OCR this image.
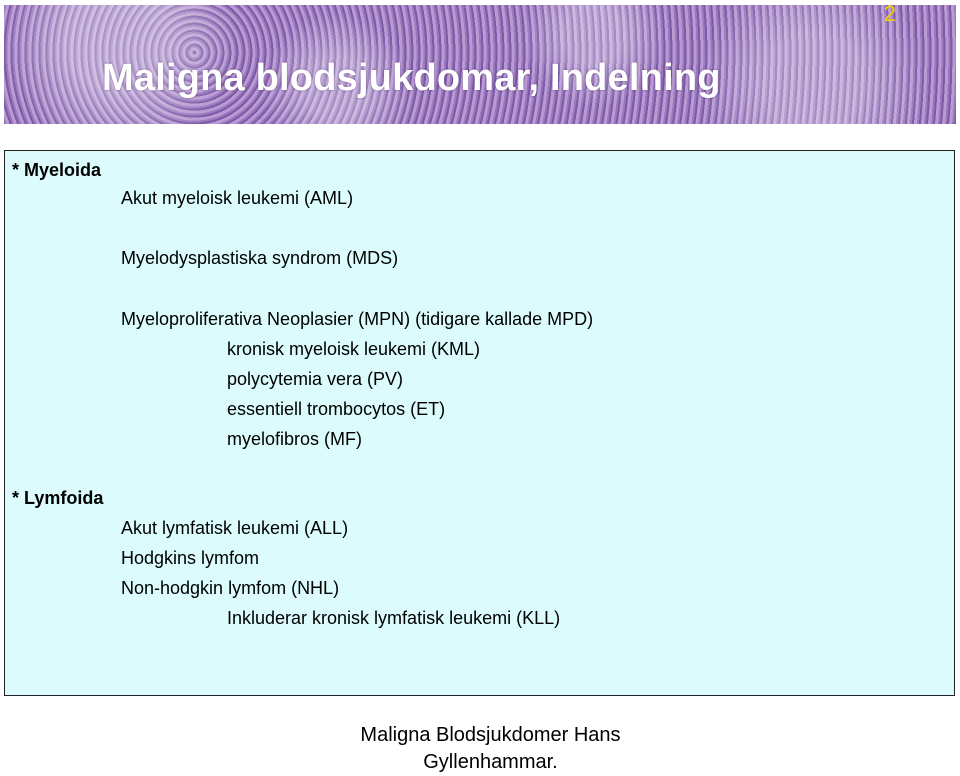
2
Maligna blodsjukdomar, Indelning
* Myeloida
Akut myeloisk leukemi (AML)
Myelodysplastiska syndrom (MDS)
Myeloproliferativa Neoplasier (MPN) (tidigare kallade MPD)
kronisk myeloisk leukemi (KML)
polycytemia vera (PV)
essentiell trombocytos (ET)
myelofibros (MF)
* Lymfoida
Akut lymfatisk leukemi (ALL)
Hodgkins lymfom
Non-hodgkin lymfom (NHL)
Inkluderar kronisk lymfatisk leukemi (KLL)
Maligna Blodsjukdomer Hans
Gyllenhammar.
